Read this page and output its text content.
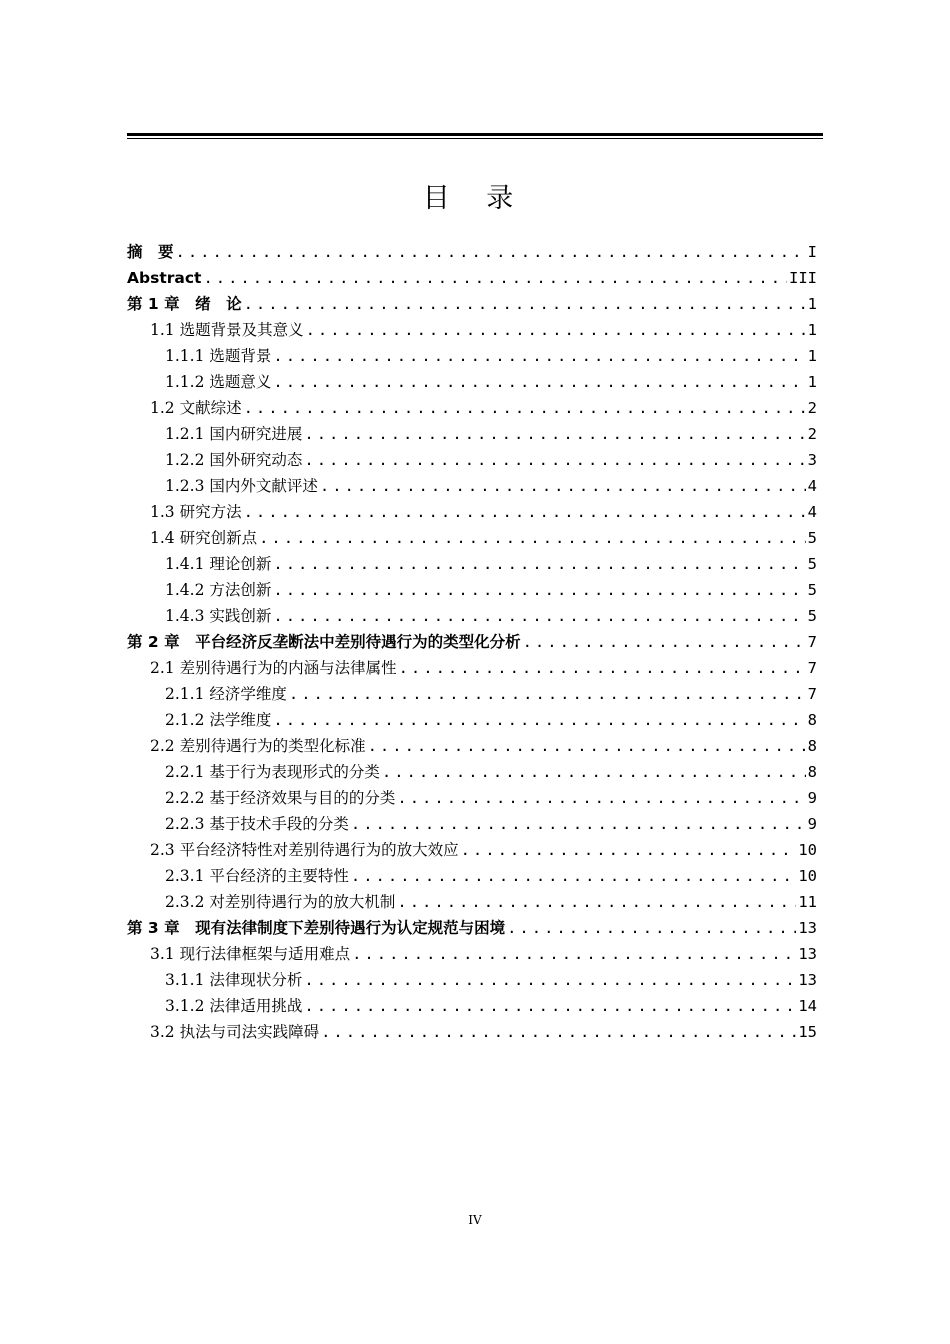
目 录
摘　要 .....	I
Abstract .....	III
第 1 章　绪　论 .....	1
1.1 选题背景及其意义 .....	1
1.1.1 选题背景 .....	1
1.1.2 选题意义 .....	1
1.2 文献综述 .....	2
1.2.1 国内研究进展 .....	2
1.2.2 国外研究动态 .....	3
1.2.3 国内外文献评述 .....	4
1.3 研究方法 .....	4
1.4 研究创新点 .....	5
1.4.1 理论创新 .....	5
1.4.2 方法创新 .....	5
1.4.3 实践创新 .....	5
第 2 章　平台经济反垄断法中差别待遇行为的类型化分析 .....	7
2.1 差别待遇行为的内涵与法律属性 .....	7
2.1.1 经济学维度 .....	7
2.1.2 法学维度 .....	8
2.2 差别待遇行为的类型化标准 .....	8
2.2.1 基于行为表现形式的分类 .....	8
2.2.2 基于经济效果与目的的分类 .....	9
2.2.3 基于技术手段的分类 .....	9
2.3 平台经济特性对差别待遇行为的放大效应 .....	10
2.3.1 平台经济的主要特性 .....	10
2.3.2 对差别待遇行为的放大机制 .....	11
第 3 章　现有法律制度下差别待遇行为认定规范与困境 .....	13
3.1 现行法律框架与适用难点 .....	13
3.1.1 法律现状分析 .....	13
3.1.2 法律适用挑战 .....	14
3.2 执法与司法实践障碍 .....	15
IV
